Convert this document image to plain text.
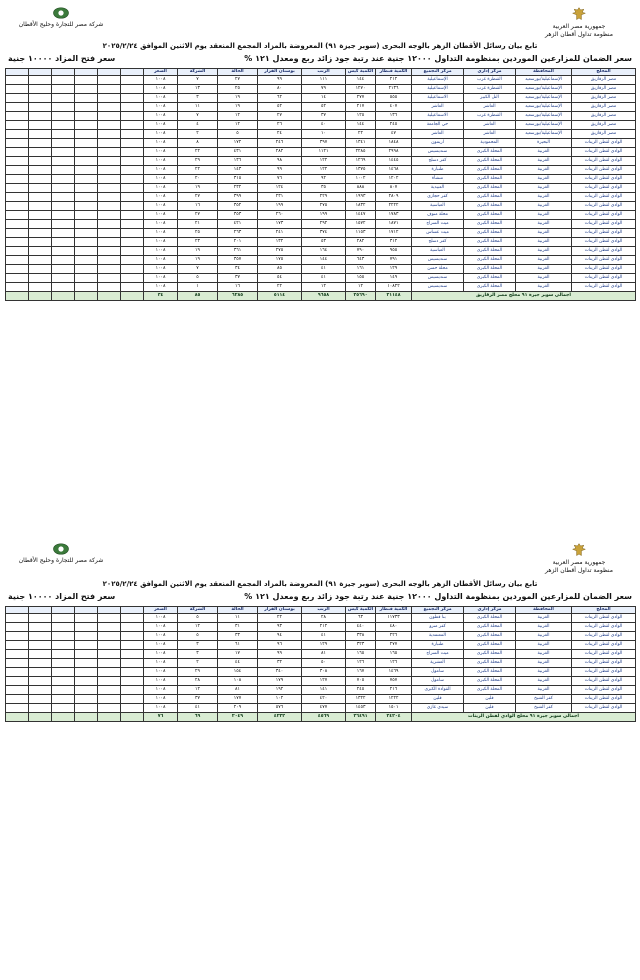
جمهورية مصر العربية
منظومة تداول أقطان الزهر
شركة مصر للتجارة وحليج الأقطان
تابع بيان رسائل الأقطان الزهر بالوجه البحرى (سوبر جيزة ٩١) المعروضة بالمزاد المجمع المنعقد يوم الاثنين الموافق ٢٠٢٥/٢/٢٤
سعر الضمان للمزارعين الموردين بمنظومة التداول ١٢٠٠٠ جنية عند رتبة جود زائد ربع ومعدل ١٢١ %
سعر فتح المزاد ١٠٠٠٠ جنية
المحلج	المحافظة	مركز إداري	مركز التجميع	الكمية قنطار	الكمية كيس	الرتب	بوستان القرار	الحالة	الشركة	السعر						
مصر الزقازيق	الإسماعيلية/بورسعيد	القنطرة غرب	الإسماعيلية	٢١٢	١٤٤	١١١	٩٩	٢٧	٧	١٠٠٨						
مصر الزقازيق	الإسماعيلية/بورسعيد	القنطرة غرب	الإسماعيلية	٢١٣٦	١٢٧٠	٧٩	٨٠	٢٥	١٣	١٠٠٨						
مصر الزقازيق	الإسماعيلية/بورسعيد	التل الكبير	الاسماعيلية	٥٥٥	٢٧٧	١٤	٦٢	١٩	٣	١٠٠٨						
مصر الزقازيق	الإسماعيلية/بورسعيد	العاشر	العاشر	٤٠٧	٢١٧	٥٢	٥٢	١٩	١١	١٠٠٨						
مصر الزقازيق	الإسماعيلية/بورسعيد	القنطرة غرب	الاسماعيلية	١٣٦	١٢٥	٣٧	٢٧	١٢	٧	١٠٠٨						
مصر الزقازيق	الإسماعيلية/بورسعيد	العاشر	حي الجامعة	٢٤٥	١٤٤	٤٠	٢٦	١٢	٤	١٠٠٨						
مصر الزقازيق	الإسماعيلية/بورسعيد	العاشر	العاشر	٤٧	٢٢	١٠	٢٤	٥	٢	١٠٠٨						
الوادي لقطن الزيتات	البحيرة	المحمودية	اريمون	١٨٤٨	١٣٤١	٣٩٧	٢٤٦	١٧٢	٨	١٠٠٨						
الوادي لقطن الزيتات	الغربية	المحلة الكبرى	سنديسيس	٢٩٩٨	٢٢٨٥	١١٢١	٢٨٢	٤٣١	٢٢	١٠٠٨						
الوادي لقطن الزيتات	الغربية	المحلة الكبرى	كفر دسلج	١٤٤٥	١٢٦٩	١٢٢	٩٨	١٣٦	٢٩	١٠٠٨						
الوادي لقطن الزيتات	الغربية	المحلة الكبرى	طنبارة	١٤٦٨	١٣٧٥	١٢٢	٩٩	١٤٣	٢٢	١٠٠٨						
الوادي لقطن الزيتات	الغربية	المحلة الكبرى	منشأة	١٢٠٢	١٠٠٢	٩٢	٧٦	٣١٥	٢٠	١٠٠٨						
الوادي لقطن الزيتات	الغربية	المحلة الكبرى	العبيدية	٨٠٧	٨٨٨	٣٥	١٢٤	٢٣٢	١٩	١٠٠٨						
الوادي لقطن الزيتات	الغربية	المحلة الكبرى	كفر حجازي	٢٨٠٩	١٩٩٣	٢٢٩	٢٣١	٣٩٩	٢٧	١٠٠٨						
الوادي لقطن الزيتات	الغربية	المحلة الكبرى	العباسية	٢٢٢٢	١٨٣٢	٢٧٥	١٩٩	٣٥٢	١٦	١٠٠٨						
الوادي لقطن الزيتات	الغربية	المحلة الكبرى	محلة منوف	١٧٨٣	١٤٤٧	١٩٩	٢٦٠	٣٥٣	٢٧	١٠٠٨						
الوادي لقطن الزيتات	الغربية	المحلة الكبرى	ميت السراج	١٨٧١	١٥٧٢	٢٩٢	١٧٣	٤٢١	٢١	١٠٠٨						
الوادي لقطن الزيتات	الغربية	المحلة الكبرى	ميت عساس	١٧١٢	١١٥٣	٣٧٤	٢٤١	٢٦٣	٢٥	١٠٠٨						
الوادي لقطن الزيتات	الغربية	المحلة الكبرى	كفر دسلج	٣١٢	٢٨٢	٥٣	١٣٢	٢٠١	٢٣	١٠٠٨						
الوادي لقطن الزيتات	الغربية	المحلة الكبرى	العباسية	٩٥٥	٧٩٠	١٦٤	٢٧٥	٣٦١	١٩	١٠٠٨						
الوادي لقطن الزيتات	الغربية	المحلة الكبرى	سنديسيس	٧٩١	٦٤٣	١٤٤	١٧٥	٣٥٧	١٩	١٠٠٨						
الوادي لقطن الزيتات	الغربية	المحلة الكبرى	محلة حسن	١٢٩	١٦١	٤١	٨٥	٣٤	٧	١٠٠٨						
الوادي لقطن الزيتات	الغربية	المحلة الكبرى	سنديسيس	١٤٩	١٥٥	٤١	٥٤	٣٧	٥	١٠٠٨						
الوادي لقطن الزيتات	الغربية	المحلة الكبرى	سنديسيس	١٠٨٢٢	١٢	١٢	٢٢	١٦	١	١٠٠٨						
اجمالي سوبر جيزة ٩١ محلج مصر الزقازيق				٢١١٤٨	٢٥٦٩٠	٩٦٥٨	٥١١٤	٦٢٨٥	٨٥	٣٤						
جمهورية مصر العربية
منظومة تداول أقطان الزهر
شركة مصر للتجارة وحليج الأقطان
تابع بيان رسائل الأقطان الزهر بالوجه البحرى (سوبر جيزة ٩١) المعروضة بالمزاد المجمع المنعقد يوم الاثنين الموافق ٢٠٢٥/٢/٢٤
سعر الضمان للمزارعين الموردين بمنظومة التداول ١٢٠٠٠ جنية عند رتبة جود زائد ربع ومعدل ١٢١ %
سعر فتح المزاد ١٠٠٠٠ جنية
المحلج	المحافظة	مركز إداري	مركز التجميع	الكمية قنطار	الكمية كيس	الرتب	بوستان القرار	الحالة	الشركة	السعر						
الوادي لقطن الزيتات	الغربية	المحلة الكبرى	بنا قطون	١١٧٣٣	٦٣	٢٨	٢٢	١١	٥	١٠٠٨						
الوادي لقطن الزيتات	الغربية	المحلة الكبرى	كفر منرو	٤٨٠	٤٤٠	٢١٢	٩٣	٣١	١٢	١٠٠٨						
الوادي لقطن الزيتات	الغربية	المحلة الكبرى	المعتمدية	٢٢٦	٣٣٨	٤١	٩٤	٣٣	٥	١٠٠٨						
الوادي لقطن الزيتات	الغربية	المحلة الكبرى	طنبارة	٢٧٧	٣٢٣	١٢٩	٩٦	٦١	٣	١٠٠٨						
الوادي لقطن الزيتات	الغربية	المحلة الكبرى	ميت السراج	١٦٥	١٦٥	٨١	٩٩	١٧	٣	١٠٠٨						
الوادي لقطن الزيتات	الغربية	المحلة الكبرى	العشرية	١٢٦	١٢٦	٥٠	٣٢	٤٤	٢	١٠٠٨						
الوادي لقطن الزيتات	الغربية	المحلة الكبرى	سامول	١٤٦٩	١٦٧	٣٠٨	٣٤٠	١٥٤	٢٩	١٠٠٨						
الوادي لقطن الزيتات	الغربية	المحلة الكبرى	سامول	٧٥٧	٧٠٥	١٢٧	١٧٩	١٠٨	٢٨	١٠٠٨						
الوادي لقطن الزيتات	الغربية	المحلة الكبرى	القوادة الكبرى	٢١٦	٢٤٥	١٤١	١٩٢	٨١	١٢	١٠٠٨						
الوادي لقطن الزيتات	كفر الشيخ	قلين	قلين	١٢٢٢	١٣٢٢	٤٢٠	١٠٢	١٧٧	٣٧	١٠٠٨						
الوادي لقطن الزيتات	كفر الشيخ	قلين	سيدي غازي	١٥٠١	١٤٥٣	٤٧٧	٥٧٦	٢٠٩	٤١	١٠٠٨						
اجمالي سوبر جيزة ٩١ محلج الوادي لقطن الزيتات				٢٤٢٠٤	٢٦٤٩١	٤٥٦٩	٤٢٢٢	٢٠٤٩	٦٩	٧٦						
